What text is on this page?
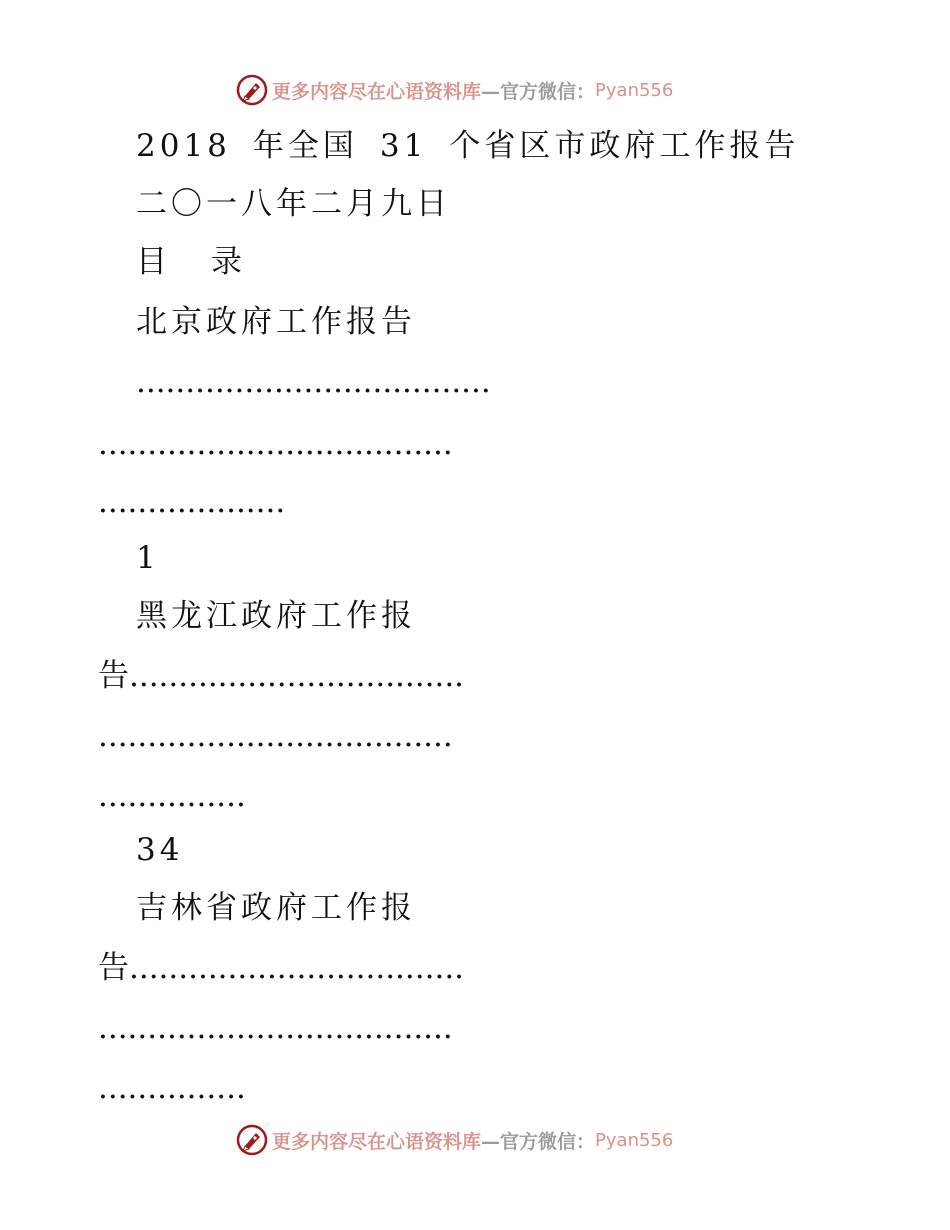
更多内容尽在心语资料库 —官方微信： Pyan556
2018 年全国 31 个省区市政府工作报告
二〇一八年二月九日
目 录
北京政府工作报告
....................................
....................................
...................
1
黑龙江政府工作报
告..................................
....................................
...............
34
吉林省政府工作报
告..................................
....................................
...............
更多内容尽在心语资料库 —官方微信： Pyan556
